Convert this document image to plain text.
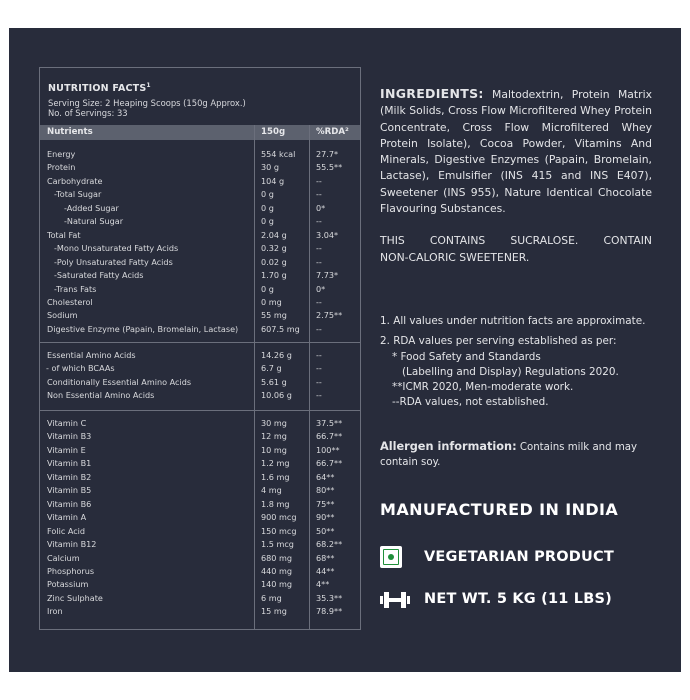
NUTRITION FACTS$^1$
Serving Size: 2 Heaping Scoops (150g Approx.)
No. of Servings: 33
Nutrients	150g	%RDA²
Energy	554 kcal	27.7*
Protein	30 g	55.5**
Carbohydrate	104 g	--
-Total Sugar	0 g	--
-Added Sugar	0 g	0*
-Natural Sugar	0 g	--
Total Fat	2.04 g	3.04*
-Mono Unsaturated Fatty Acids	0.32 g	--
-Poly Unsaturated Fatty Acids	0.02 g	--
-Saturated Fatty Acids	1.70 g	7.73*
-Trans Fats	0 g	0*
Cholesterol	0 mg	--
Sodium	55 mg	2.75**
Digestive Enzyme (Papain, Bromelain, Lactase)	607.5 mg --
Essential Amino Acids	14.26 g	--
- of which BCAAs	6.7 g	--
Conditionally Essential Amino Acids	5.61 g	--
Non Essential Amino Acids	10.06 g	--
Vitamin C	30 mg	37.5**
Vitamin B3	12 mg	66.7**
Vitamin E	10 mg	100**
Vitamin B1	1.2 mg	66.7**
Vitamin B2	1.6 mg	64**
Vitamin B5	4 mg	80**
Vitamin B6	1.8 mg	75**
Vitamin A	900 mcg 90**
Folic Acid	150 mcg 50**
Vitamin B12	1.5 mcg	68.2**
Calcium	680 mg	68**
Phosphorus	440 mg	44**
Potassium	140 mg	4**
Zinc Sulphate	6 mg	35.3**
Iron	15 mg	78.9**
INGREDIENTS: Maltodextrin, Protein Matrix (Milk Solids, Cross Flow Microfiltered Whey Protein Concentrate, Cross Flow Microfiltered Whey Protein Isolate), Cocoa Powder, Vitamins And Minerals, Digestive Enzymes (Papain, Bromelain, Lactase), Emulsifier (INS 415 and INS E407), Sweetener (INS 955), Nature Identical Chocolate Flavouring Substances.
THIS CONTAINS SUCRALOSE. CONTAIN
NON-CALORIC SWEETENER.
1. All values under nutrition facts are approximate.
2. RDA values per serving established as per:
* Food Safety and Standards
(Labelling and Display) Regulations 2020.
**ICMR 2020, Men-moderate work.
--RDA values, not established.
Allergen information: Contains milk and may contain soy.
MANUFACTURED IN INDIA
VEGETARIAN PRODUCT
NET WT. 5 KG (11 LBS)
